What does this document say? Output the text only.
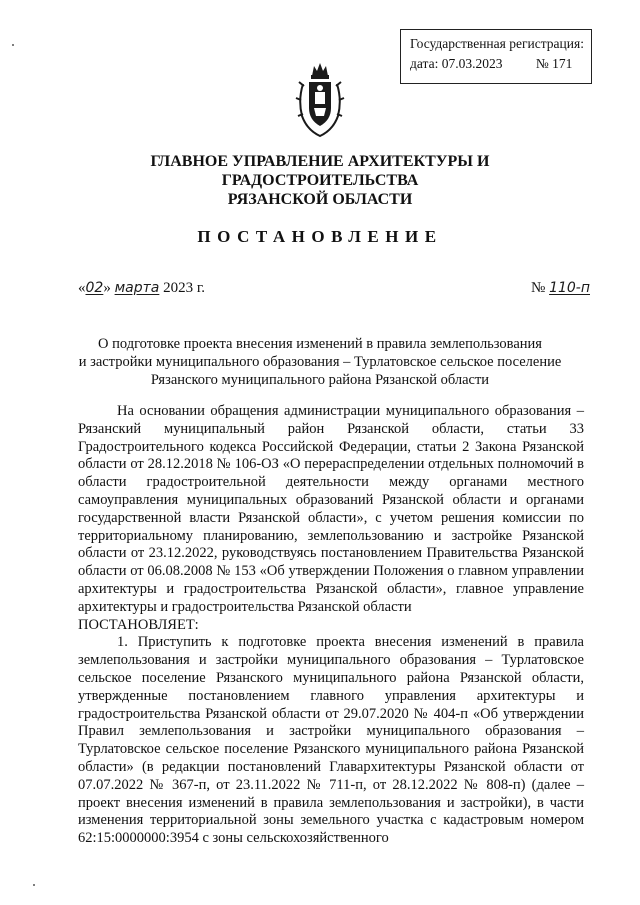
Государственная регистрация:
дата: 07.03.2023 № 171
ГЛАВНОЕ УПРАВЛЕНИЕ АРХИТЕКТУРЫ И ГРАДОСТРОИТЕЛЬСТВА
РЯЗАНСКОЙ ОБЛАСТИ
ПОСТАНОВЛЕНИЕ
«02» марта 2023 г.	№ 110-п
О подготовке проекта внесения изменений в правила землепользования
и застройки муниципального образования – Турлатовское сельское поселение
Рязанского муниципального района Рязанской области

На основании обращения администрации муниципального образования – Рязанский муниципальный район Рязанской области, статьи 33 Градостроительного кодекса Российской Федерации, статьи 2 Закона Рязанской области от 28.12.2018 № 106-ОЗ «О перераспределении отдельных полномочий в области градостроительной деятельности между органами местного самоуправления муниципальных образований Рязанской области и органами государственной власти Рязанской области», с учетом решения комиссии по территориальному планированию, землепользованию и застройке Рязанской области от 23.12.2022, руководствуясь постановлением Правительства Рязанской области от 06.08.2008 № 153 «Об утверждении Положения о главном управлении архитектуры и градостроительства Рязанской области», главное управление архитектуры и градостроительства Рязанской области

ПОСТАНОВЛЯЕТ:

1. Приступить к подготовке проекта внесения изменений в правила землепользования и застройки муниципального образования – Турлатовское сельское поселение Рязанского муниципального района Рязанской области, утвержденные постановлением главного управления архитектуры и градостроительства Рязанской области от 29.07.2020 № 404-п «Об утверждении Правил землепользования и застройки муниципального образования – Турлатовское сельское поселение Рязанского муниципального района Рязанской области» (в редакции постановлений Главархитектуры Рязанской области от 07.07.2022 № 367-п, от 23.11.2022 № 711-п, от 28.12.2022 № 808-п) (далее – проект внесения изменений в правила землепользования и застройки), в части изменения территориальной зоны земельного участка с кадастровым номером 62:15:0000000:3954 с зоны сельскохозяйственного
